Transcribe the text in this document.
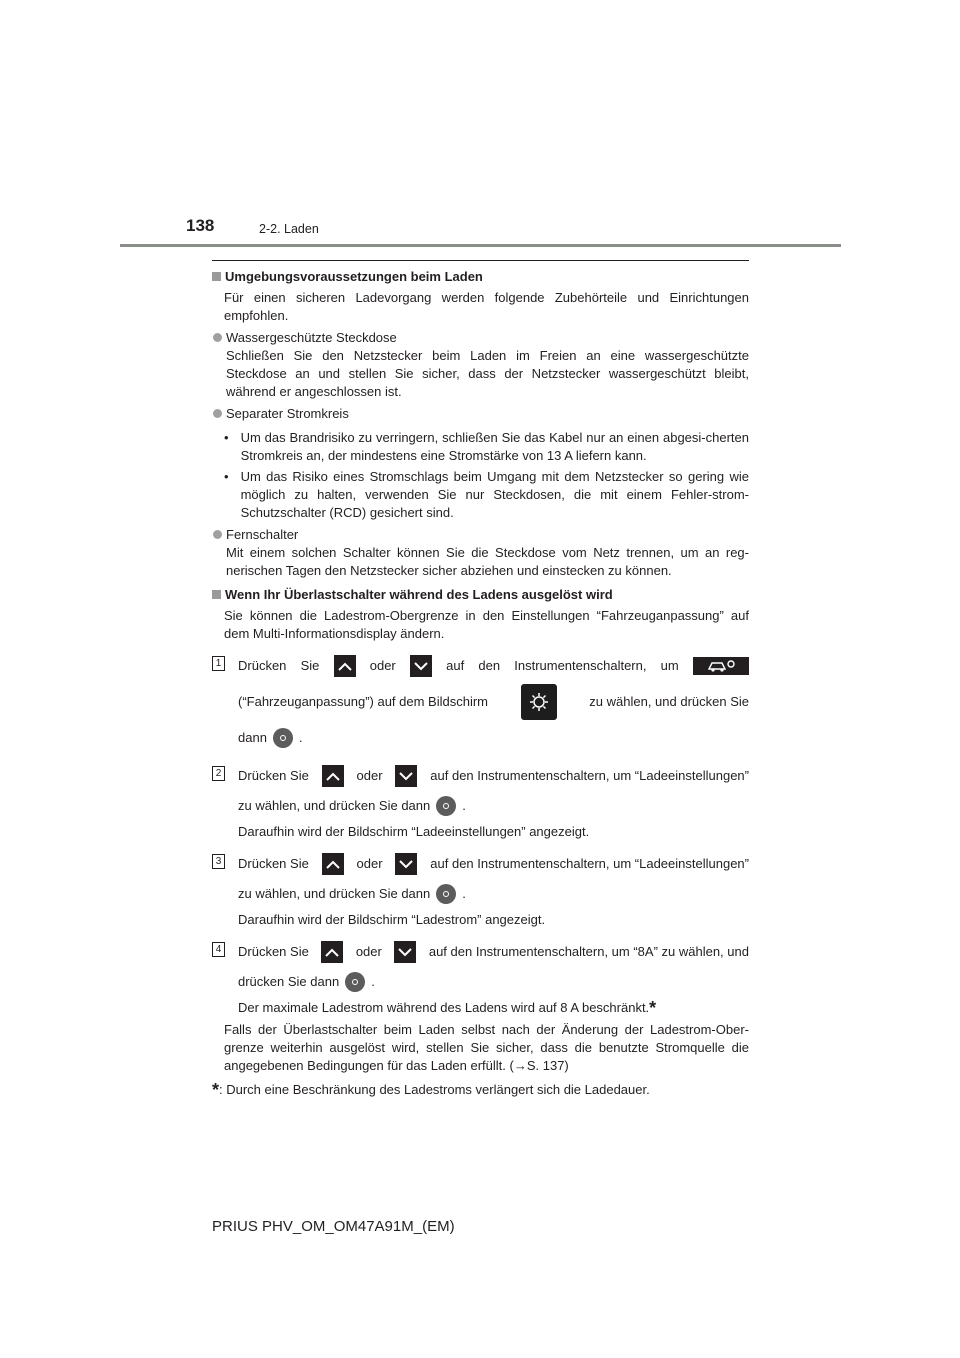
138	2-2. Laden

Umgebungsvoraussetzungen beim Laden

Für einen sicheren Ladevorgang werden folgende Zubehörteile und Einrichtungen empfohlen.

Wassergeschützte Steckdose
Schließen Sie den Netzstecker beim Laden im Freien an eine wassergeschützte Steckdose an und stellen Sie sicher, dass der Netzstecker wassergeschützt bleibt, während er angeschlossen ist.
Separater Stromkreis
• Um das Brandrisiko zu verringern, schließen Sie das Kabel nur an einen abgesi-cherten Stromkreis an, der mindestens eine Stromstärke von 13 A liefern kann.
• Um das Risiko eines Stromschlags beim Umgang mit dem Netzstecker so gering wie möglich zu halten, verwenden Sie nur Steckdosen, die mit einem Fehler-strom-Schutzschalter (RCD) gesichert sind.
Fernschalter
Mit einem solchen Schalter können Sie die Steckdose vom Netz trennen, um an reg-nerischen Tagen den Netzstecker sicher abziehen und einstecken zu können.

Wenn Ihr Überlastschalter während des Ladens ausgelöst wird

Sie können die Ladestrom-Obergrenze in den Einstellungen “Fahrzeuganpassung” auf dem Multi-Informationsdisplay ändern.

1 Drücken Sie	oder	auf den Instrumentenschaltern, um
(“Fahrzeuganpassung”) auf dem Bildschirm	zu wählen, und drücken Sie
dann .
2 Drücken Sie	oder	auf den Instrumentenschaltern, um “Ladeeinstellungen”
zu wählen, und drücken Sie dann .
Daraufhin wird der Bildschirm “Ladeeinstellungen” angezeigt.
3 Drücken Sie	oder	auf den Instrumentenschaltern, um “Ladeeinstellungen”
zu wählen, und drücken Sie dann .
Daraufhin wird der Bildschirm “Ladestrom” angezeigt.
4 Drücken Sie	oder	auf den Instrumentenschaltern, um “8A” zu wählen, und
drücken Sie dann .
Der maximale Ladestrom während des Ladens wird auf 8 A beschränkt.*

Falls der Überlastschalter beim Laden selbst nach der Änderung der Ladestrom-Ober-grenze weiterhin ausgelöst wird, stellen Sie sicher, dass die benutzte Stromquelle die angegebenen Bedingungen für das Laden erfüllt. (→S. 137)

*: Durch eine Beschränkung des Ladestroms verlängert sich die Ladedauer.

PRIUS PHV_OM_OM47A91M_(EM)
